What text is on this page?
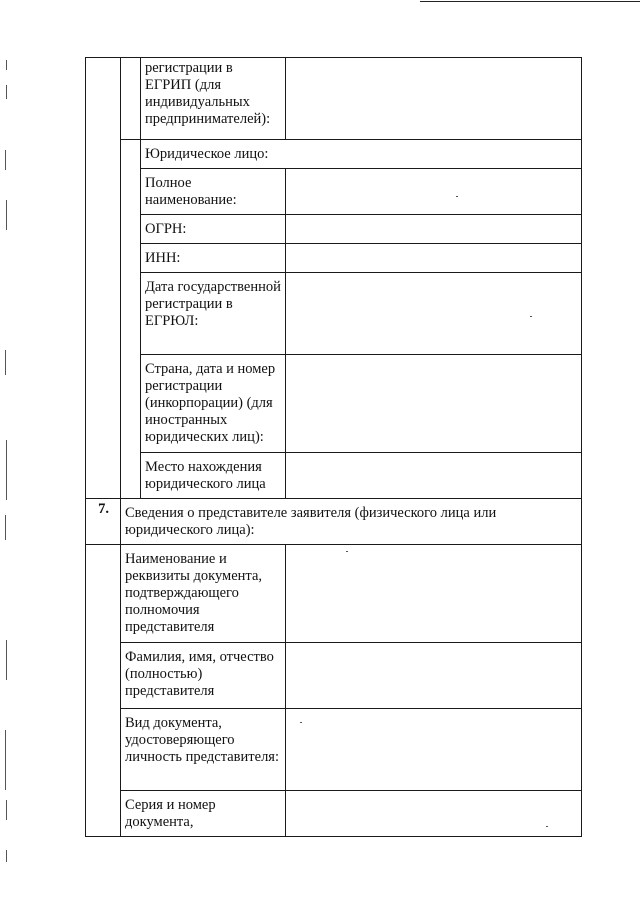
		регистрации в ЕГРИП (для индивидуальных предпринимателей):	
		Юридическое лицо:	
		Полное наименование:	
		ОГРН:	
		ИНН:	
		Дата государственной регистрации в ЕГРЮЛ:	
		Страна, дата и номер регистрации (инкорпорации) (для иностранных юридических лиц):	
		Место нахождения юридического лица	
7.	Сведения о представителе заявителя (физического лица или юридического лица):		
	Наименование и реквизиты документа, подтверждающего полномочия представителя		
	Фамилия, имя, отчество (полностью) представителя		
	Вид документа, удостоверяющего личность представителя:		
	Серия и номер документа,		
